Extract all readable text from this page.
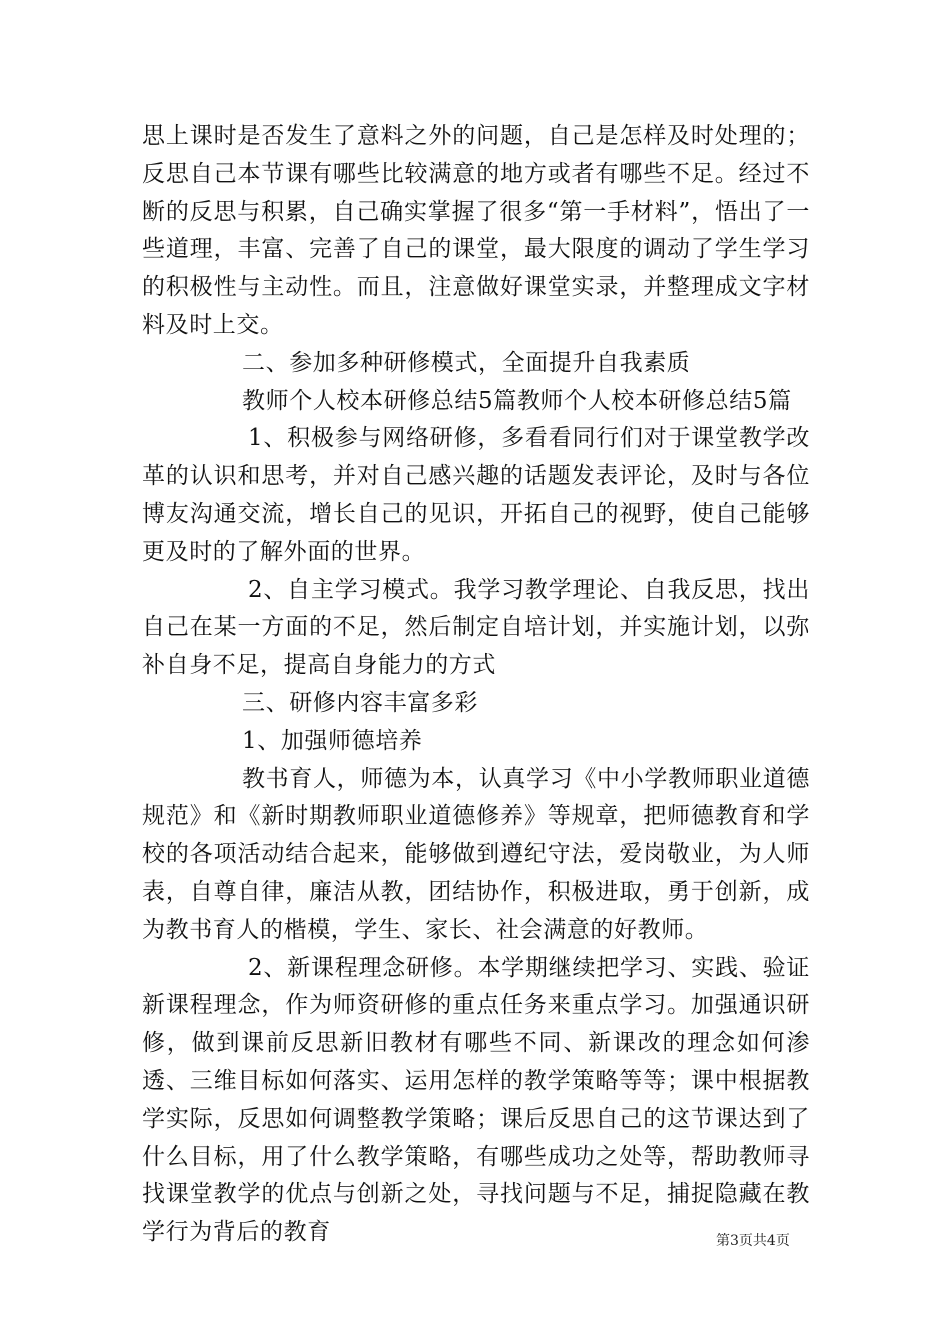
思上课时是否发生了意料之外的问题，自己是怎样及时处理的；反思自己本节课有哪些比较满意的地方或者有哪些不足。经过不断的反思与积累，自己确实掌握了很多“第一手材料”，悟出了一些道理，丰富、完善了自己的课堂，最大限度的调动了学生学习的积极性与主动性。而且，注意做好课堂实录，并整理成文字材料及时上交。

二、参加多种研修模式，全面提升自我素质

教师个人校本研修总结5篇教师个人校本研修总结5篇

1、积极参与网络研修，多看看同行们对于课堂教学改革的认识和思考，并对自己感兴趣的话题发表评论，及时与各位博友沟通交流，增长自己的见识，开拓自己的视野，使自己能够更及时的了解外面的世界。

2、自主学习模式。我学习教学理论、自我反思，找出自己在某一方面的不足，然后制定自培计划，并实施计划，以弥补自身不足，提高自身能力的方式

三、研修内容丰富多彩

1、加强师德培养

教书育人，师德为本，认真学习《中小学教师职业道德规范》和《新时期教师职业道德修养》等规章，把师德教育和学校的各项活动结合起来，能够做到遵纪守法，爱岗敬业，为人师表，自尊自律，廉洁从教，团结协作，积极进取，勇于创新，成为教书育人的楷模，学生、家长、社会满意的好教师。

2、新课程理念研修。本学期继续把学习、实践、验证新课程理念，作为师资研修的重点任务来重点学习。加强通识研修，做到课前反思新旧教材有哪些不同、新课改的理念如何渗透、三维目标如何落实、运用怎样的教学策略等等；课中根据教学实际，反思如何调整教学策略；课后反思自己的这节课达到了什么目标，用了什么教学策略，有哪些成功之处等，帮助教师寻找课堂教学的优点与创新之处，寻找问题与不足，捕捉隐藏在教学行为背后的教育	第3页共4页
